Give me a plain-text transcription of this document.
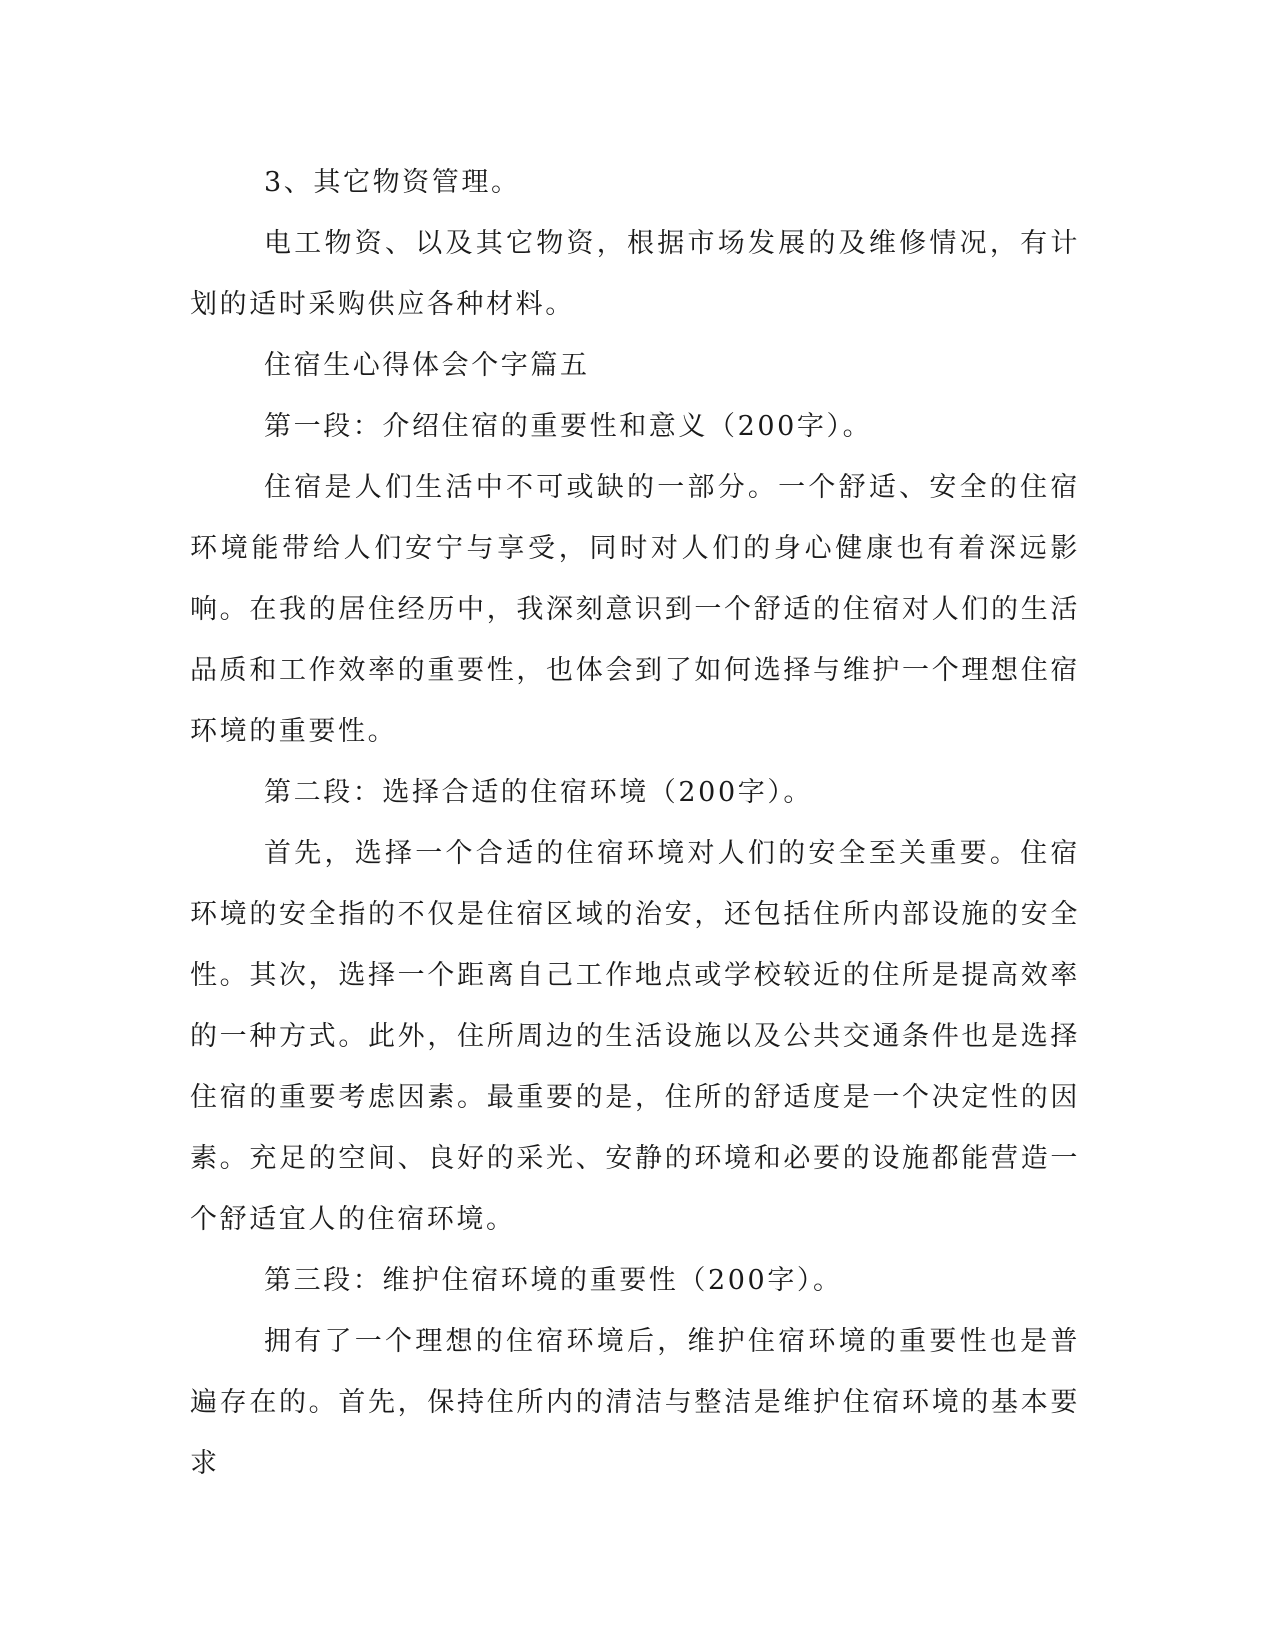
3、其它物资管理。

电工物资、以及其它物资，根据市场发展的及维修情况，有计划的适时采购供应各种材料。

住宿生心得体会个字篇五

第一段：介绍住宿的重要性和意义（200字）。

住宿是人们生活中不可或缺的一部分。一个舒适、安全的住宿环境能带给人们安宁与享受，同时对人们的身心健康也有着深远影响。在我的居住经历中，我深刻意识到一个舒适的住宿对人们的生活品质和工作效率的重要性，也体会到了如何选择与维护一个理想住宿环境的重要性。

第二段：选择合适的住宿环境（200字）。

首先，选择一个合适的住宿环境对人们的安全至关重要。住宿环境的安全指的不仅是住宿区域的治安，还包括住所内部设施的安全性。其次，选择一个距离自己工作地点或学校较近的住所是提高效率的一种方式。此外，住所周边的生活设施以及公共交通条件也是选择住宿的重要考虑因素。最重要的是，住所的舒适度是一个决定性的因素。充足的空间、良好的采光、安静的环境和必要的设施都能营造一个舒适宜人的住宿环境。

第三段：维护住宿环境的重要性（200字）。

拥有了一个理想的住宿环境后，维护住宿环境的重要性也是普遍存在的。首先，保持住所内的清洁与整洁是维护住宿环境的基本要求
